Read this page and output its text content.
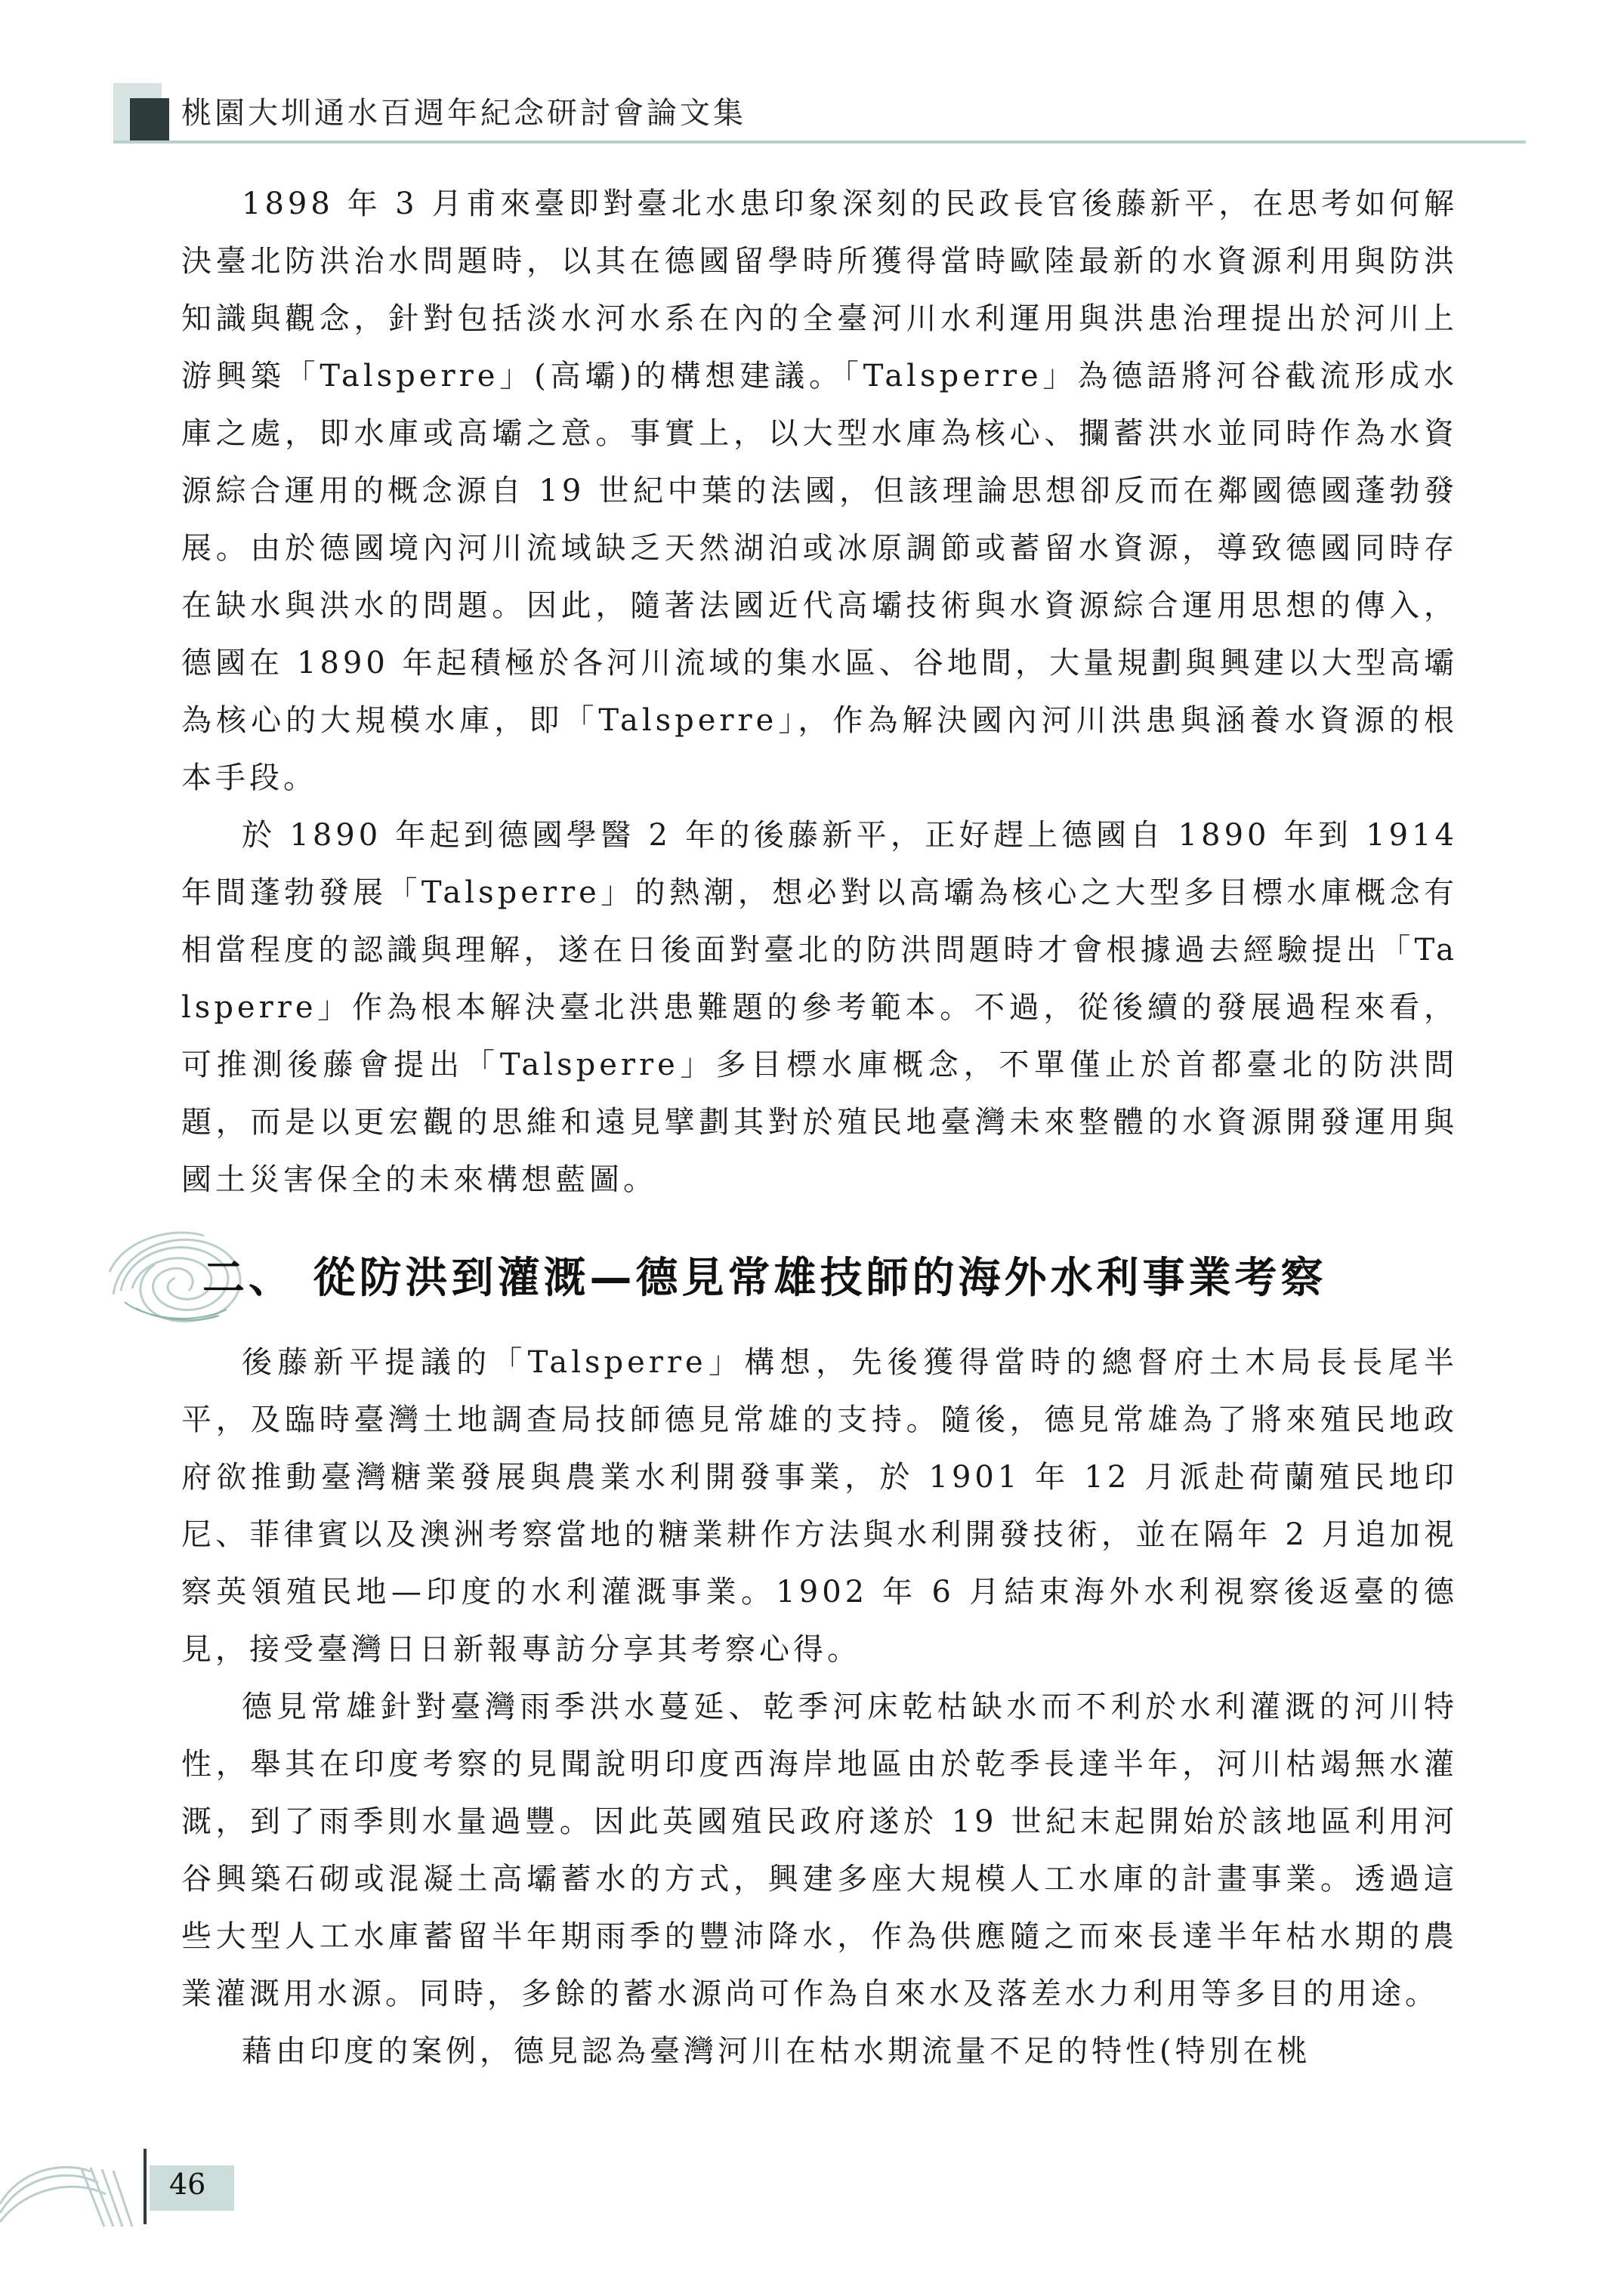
桃園大圳通水百週年紀念研討會論文集

1898 年 3 月甫來臺即對臺北水患印象深刻的民政長官後藤新平，在思考如何解決臺北防洪治水問題時，以其在德國留學時所獲得當時歐陸最新的水資源利用與防洪知識與觀念，針對包括淡水河水系在內的全臺河川水利運用與洪患治理提出於河川上游興築「Talsperre」(高壩)的構想建議。「Talsperre」為德語將河谷截流形成水庫之處，即水庫或高壩之意。事實上，以大型水庫為核心、攔蓄洪水並同時作為水資源綜合運用的概念源自 19 世紀中葉的法國，但該理論思想卻反而在鄰國德國蓬勃發展。由於德國境內河川流域缺乏天然湖泊或冰原調節或蓄留水資源，導致德國同時存在缺水與洪水的問題。因此，隨著法國近代高壩技術與水資源綜合運用思想的傳入，德國在 1890 年起積極於各河川流域的集水區、谷地間，大量規劃與興建以大型高壩為核心的大規模水庫，即「Talsperre」，作為解決國內河川洪患與涵養水資源的根本手段。

於 1890 年起到德國學醫 2 年的後藤新平，正好趕上德國自 1890 年到 1914 年間蓬勃發展「Talsperre」的熱潮，想必對以高壩為核心之大型多目標水庫概念有相當程度的認識與理解，遂在日後面對臺北的防洪問題時才會根據過去經驗提出「Talsperre」作為根本解決臺北洪患難題的參考範本。不過，從後續的發展過程來看，可推測後藤會提出「Talsperre」多目標水庫概念，不單僅止於首都臺北的防洪問題，而是以更宏觀的思維和遠見擘劃其對於殖民地臺灣未來整體的水資源開發運用與國土災害保全的未來構想藍圖。

二、 從防洪到灌溉—德見常雄技師的海外水利事業考察

後藤新平提議的「Talsperre」構想，先後獲得當時的總督府土木局長長尾半平，及臨時臺灣土地調查局技師德見常雄的支持。隨後，德見常雄為了將來殖民地政府欲推動臺灣糖業發展與農業水利開發事業，於 1901 年 12 月派赴荷蘭殖民地印尼、菲律賓以及澳洲考察當地的糖業耕作方法與水利開發技術，並在隔年 2 月追加視察英領殖民地—印度的水利灌溉事業。1902 年 6 月結束海外水利視察後返臺的德見，接受臺灣日日新報專訪分享其考察心得。

德見常雄針對臺灣雨季洪水蔓延、乾季河床乾枯缺水而不利於水利灌溉的河川特性，舉其在印度考察的見聞說明印度西海岸地區由於乾季長達半年，河川枯竭無水灌溉，到了雨季則水量過豐。因此英國殖民政府遂於 19 世紀末起開始於該地區利用河谷興築石砌或混凝土高壩蓄水的方式，興建多座大規模人工水庫的計畫事業。透過這些大型人工水庫蓄留半年期雨季的豐沛降水，作為供應隨之而來長達半年枯水期的農業灌溉用水源。同時，多餘的蓄水源尚可作為自來水及落差水力利用等多目的用途。

藉由印度的案例，德見認為臺灣河川在枯水期流量不足的特性(特別在桃

46
